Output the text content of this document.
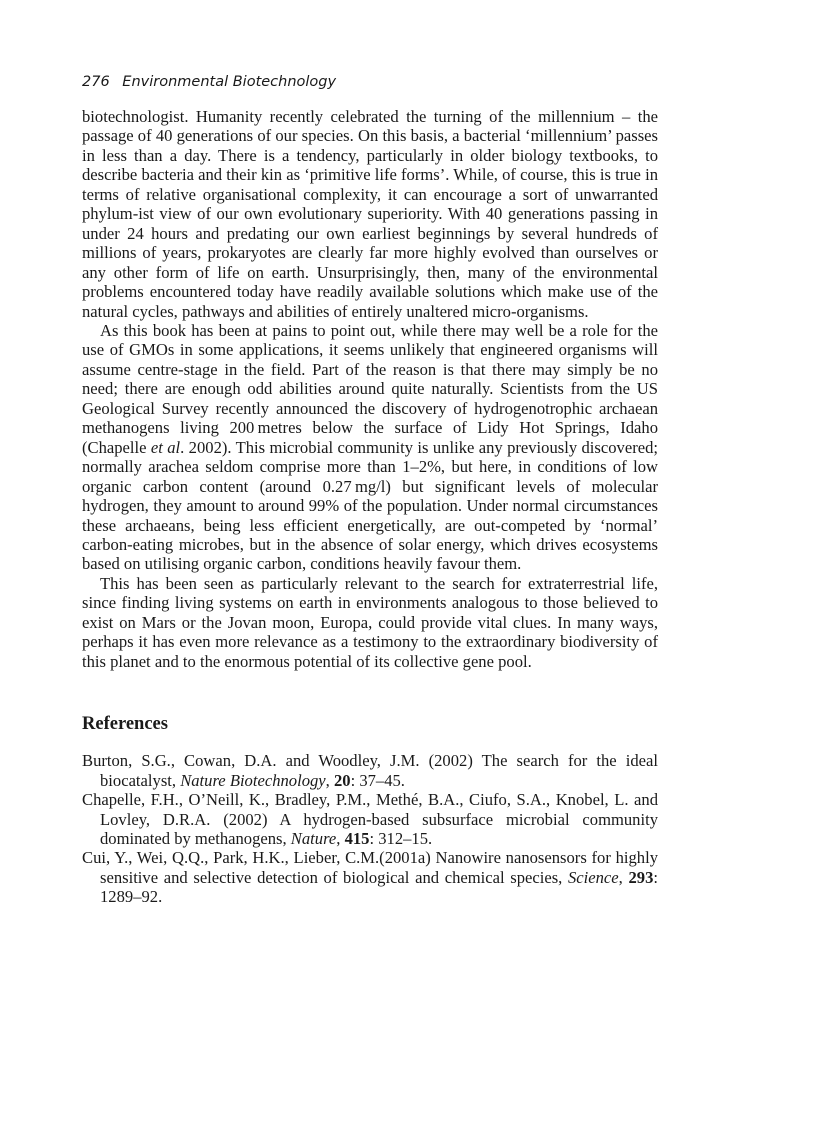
276 Environmental Biotechnology

biotechnologist. Humanity recently celebrated the turning of the millennium – the passage of 40 generations of our species. On this basis, a bacterial ‘millennium’ passes in less than a day. There is a tendency, particularly in older biology textbooks, to describe bacteria and their kin as ‘primitive life forms’. While, of course, this is true in terms of relative organisational complexity, it can encourage a sort of unwarranted phylum-ist view of our own evolutionary superiority. With 40 generations passing in under 24 hours and predating our own earliest beginnings by several hundreds of millions of years, prokaryotes are clearly far more highly evolved than ourselves or any other form of life on earth. Unsurprisingly, then, many of the environmental problems encountered today have readily available solutions which make use of the natural cycles, pathways and abilities of entirely unaltered micro-organisms.

As this book has been at pains to point out, while there may well be a role for the use of GMOs in some applications, it seems unlikely that engineered organisms will assume centre-stage in the field. Part of the reason is that there may simply be no need; there are enough odd abilities around quite naturally. Scientists from the US Geological Survey recently announced the discovery of hydrogenotrophic archaean methanogens living 200 metres below the surface of Lidy Hot Springs, Idaho (Chapelle et al. 2002). This microbial community is unlike any previously discovered; normally arachea seldom comprise more than 1–2%, but here, in conditions of low organic carbon content (around 0.27 mg/l) but significant levels of molecular hydrogen, they amount to around 99% of the population. Under normal circumstances these archaeans, being less efficient energetically, are out-competed by ‘normal’ carbon-eating microbes, but in the absence of solar energy, which drives ecosystems based on utilising organic carbon, conditions heavily favour them.

This has been seen as particularly relevant to the search for extraterrestrial life, since finding living systems on earth in environments analogous to those believed to exist on Mars or the Jovan moon, Europa, could provide vital clues. In many ways, perhaps it has even more relevance as a testimony to the extraordinary biodiversity of this planet and to the enormous potential of its collective gene pool.

References

Burton, S.G., Cowan, D.A. and Woodley, J.M. (2002) The search for the ideal biocatalyst, Nature Biotechnology, 20: 37–45.

Chapelle, F.H., O’Neill, K., Bradley, P.M., Methé, B.A., Ciufo, S.A., Knobel, L. and Lovley, D.R.A. (2002) A hydrogen-based subsurface microbial community dominated by methanogens, Nature, 415: 312–15.

Cui, Y., Wei, Q.Q., Park, H.K., Lieber, C.M.(2001a) Nanowire nanosensors for highly sensitive and selective detection of biological and chemical species, Science, 293: 1289–92.
